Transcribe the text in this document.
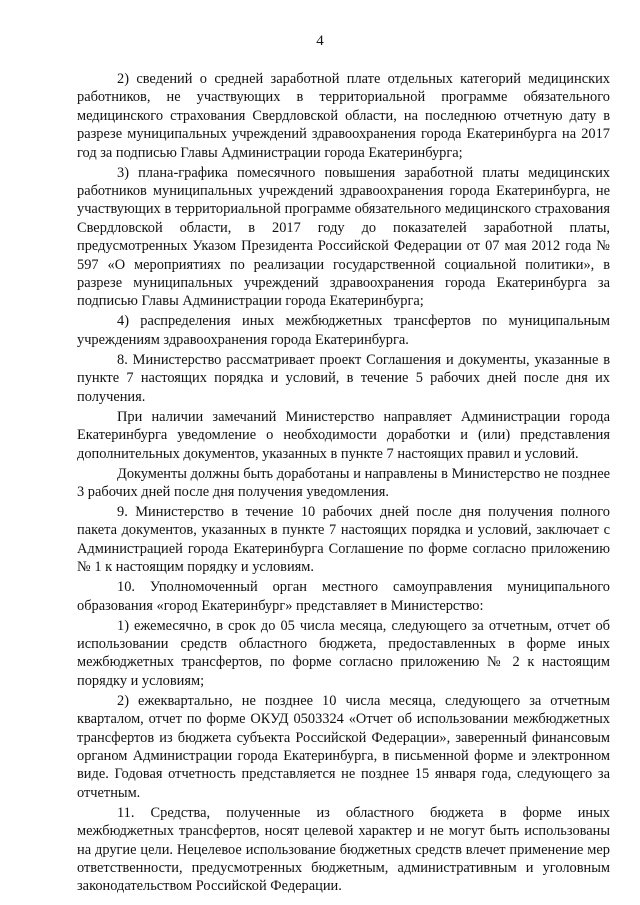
4

2) сведений о средней заработной плате отдельных категорий медицинских работников, не участвующих в территориальной программе обязательного медицинского страхования Свердловской области, на последнюю отчетную дату в разрезе муниципальных учреждений здравоохранения города Екатеринбурга на 2017 год за подписью Главы Администрации города Екатеринбурга;

3) плана-графика помесячного повышения заработной платы медицинских работников муниципальных учреждений здравоохранения города Екатеринбурга, не участвующих в территориальной программе обязательного медицинского страхования Свердловской области, в 2017 году до показателей заработной платы, предусмотренных Указом Президента Российской Федерации от 07 мая 2012 года № 597 «О мероприятиях по реализации государственной социальной политики», в разрезе муниципальных учреждений здравоохранения города Екатеринбурга за подписью Главы Администрации города Екатеринбурга;

4) распределения иных межбюджетных трансфертов по муниципальным учреждениям здравоохранения города Екатеринбурга.

8. Министерство рассматривает проект Соглашения и документы, указанные в пункте 7 настоящих порядка и условий, в течение 5 рабочих дней после дня их получения.

При наличии замечаний Министерство направляет Администрации города Екатеринбурга уведомление о необходимости доработки и (или) представления дополнительных документов, указанных в пункте 7 настоящих правил и условий.

Документы должны быть доработаны и направлены в Министерство не позднее 3 рабочих дней после дня получения уведомления.

9. Министерство в течение 10 рабочих дней после дня получения полного пакета документов, указанных в пункте 7 настоящих порядка и условий, заключает с Администрацией города Екатеринбурга Соглашение по форме согласно приложению № 1 к настоящим порядку и условиям.

10. Уполномоченный орган местного самоуправления муниципального образования «город Екатеринбург» представляет в Министерство:

1) ежемесячно, в срок до 05 числа месяца, следующего за отчетным, отчет об использовании средств областного бюджета, предоставленных в форме иных межбюджетных трансфертов, по форме согласно приложению № 2 к настоящим порядку и условиям;

2) ежеквартально, не позднее 10 числа месяца, следующего за отчетным кварталом, отчет по форме ОКУД 0503324 «Отчет об использовании межбюджетных трансфертов из бюджета субъекта Российской Федерации», заверенный финансовым органом Администрации города Екатеринбурга, в письменной форме и электронном виде. Годовая отчетность представляется не позднее 15 января года, следующего за отчетным.

11. Средства, полученные из областного бюджета в форме иных межбюджетных трансфертов, носят целевой характер и не могут быть использованы на другие цели. Нецелевое использование бюджетных средств влечет применение мер ответственности, предусмотренных бюджетным, административным и уголовным законодательством Российской Федерации.
